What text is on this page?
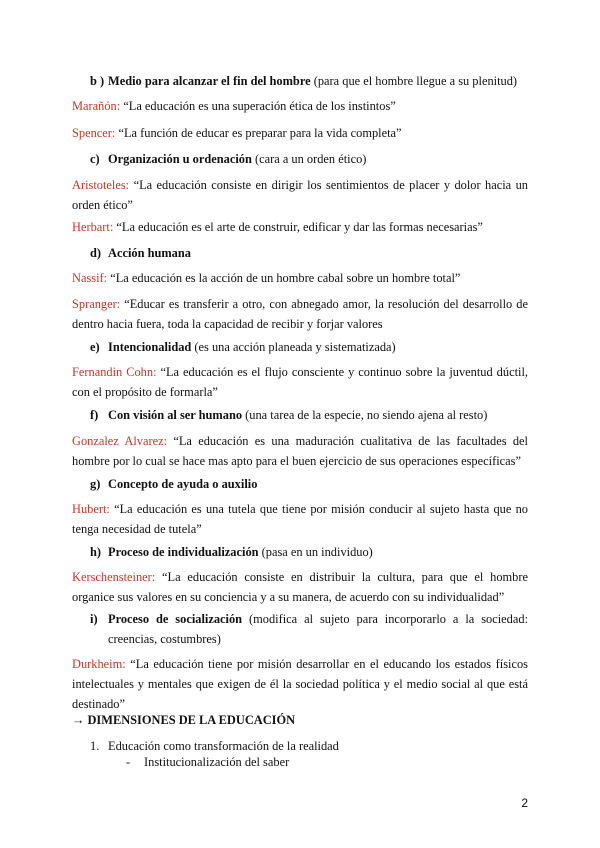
b ) Medio para alcanzar el fin del hombre (para que el hombre llegue a su plenitud)
Marañón: “La educación es una superación ética de los instintos”
Spencer: “La función de educar es preparar para la vida completa”
c) Organización u ordenación (cara a un orden ético)
Aristoteles: “La educación consiste en dirigir los sentimientos de placer y dolor hacia un orden ético”
Herbart: “La educación es el arte de construir, edificar y dar las formas necesarias”
d) Acción humana
Nassif: “La educación es la acción de un hombre cabal sobre un hombre total”
Spranger: “Educar es transferir a otro, con abnegado amor, la resolución del desarrollo de dentro hacia fuera, toda la capacidad de recibir y forjar valores
e) Intencionalidad (es una acción planeada y sistematizada)
Fernandin Cohn: “La educación es el flujo consciente y continuo sobre la juventud dúctil, con el propósito de formarla”
f) Con visión al ser humano (una tarea de la especie, no siendo ajena al resto)
Gonzalez Alvarez: “La educación es una maduración cualitativa de las facultades del hombre por lo cual se hace mas apto para el buen ejercicio de sus operaciones específicas”
g) Concepto de ayuda o auxilio
Hubert: “La educación es una tutela que tiene por misión conducir al sujeto hasta que no tenga necesidad de tutela”
h) Proceso de individualización (pasa en un individuo)
Kerschensteiner: “La educación consiste en distribuir la cultura, para que el hombre organice sus valores en su conciencia y a su manera, de acuerdo con su individualidad”
i) Proceso de socialización (modifica al sujeto para incorporarlo a la sociedad: creencias, costumbres)
Durkheim: “La educación tiene por misión desarrollar en el educando los estados físicos intelectuales y mentales que exigen de él la sociedad política y el medio social al que está destinado”
→ DIMENSIONES DE LA EDUCACIÓN
1. Educación como transformación de la realidad
- Institucionalización del saber
2
